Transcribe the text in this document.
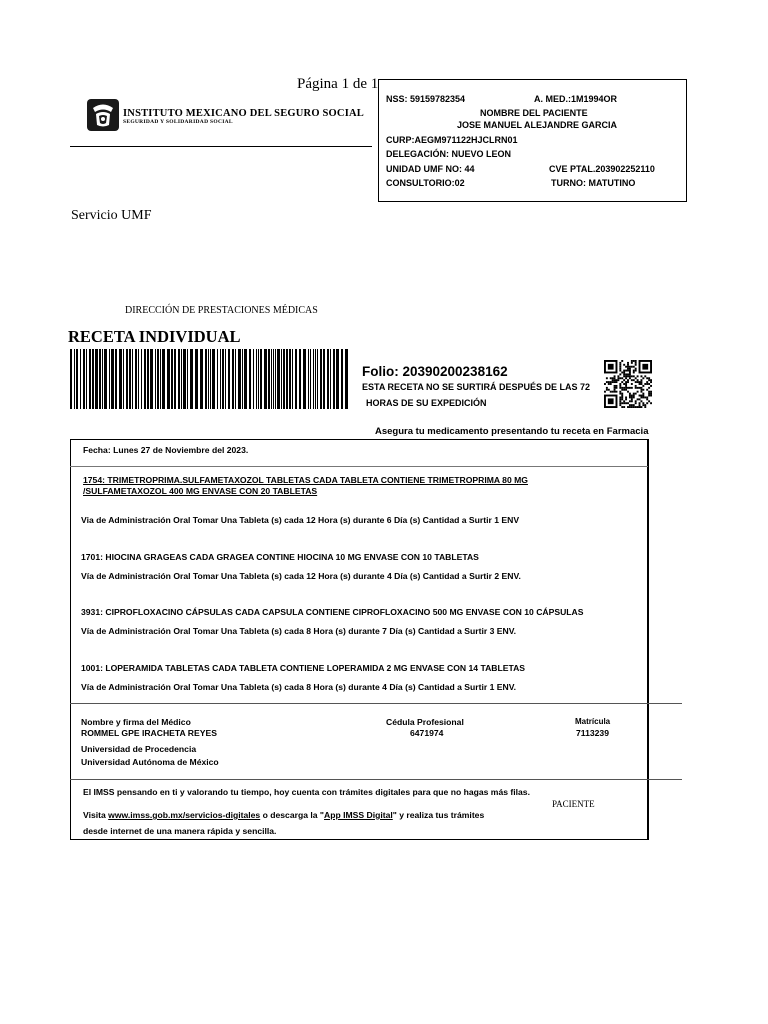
Página 1 de 1
INSTITUTO MEXICANO DEL SEGURO SOCIAL
SEGURIDAD Y SOLIDARIDAD SOCIAL
NSS: 59159782354	A. MED.:1M1994OR
NOMBRE DEL PACIENTE
JOSE MANUEL ALEJANDRE GARCIA
CURP:AEGM971122HJCLRN01
DELEGACIÓN: NUEVO LEON
UNIDAD UMF NO: 44	CVE PTAL.203902252110
CONSULTORIO:02	TURNO: MATUTINO
Servicio UMF
DIRECCIÓN DE PRESTACIONES MÉDICAS
RECETA INDIVIDUAL
Folio: 20390200238162
ESTA RECETA NO SE SURTIRÁ DESPUÉS DE LAS 72
HORAS DE SU EXPEDICIÓN
Asegura tu medicamento presentando tu receta en Farmacia
Fecha: Lunes 27 de Noviembre del 2023.
1754: TRIMETROPRIMA.SULFAMETAXOZOL TABLETAS CADA TABLETA CONTIENE TRIMETROPRIMA 80 MG
/SULFAMETAXOZOL 400 MG ENVASE CON 20 TABLETAS
Via de Administración Oral Tomar Una Tableta (s) cada 12 Hora (s) durante 6 Día (s) Cantidad a Surtir 1 ENV
1701: HIOCINA GRAGEAS CADA GRAGEA CONTINE HIOCINA 10 MG ENVASE CON 10 TABLETAS
Vía de Administración Oral Tomar Una Tableta (s) cada 12 Hora (s) durante 4 Día (s) Cantidad a Surtir 2 ENV.
3931: CIPROFLOXACINO CÁPSULAS CADA CAPSULA CONTIENE CIPROFLOXACINO 500 MG ENVASE CON 10 CÁPSULAS
Vía de Administración Oral Tomar Una Tableta (s) cada 8 Hora (s) durante 7 Día (s) Cantidad a Surtir 3 ENV.
1001: LOPERAMIDA TABLETAS CADA TABLETA CONTIENE LOPERAMIDA 2 MG ENVASE CON 14 TABLETAS
Vía de Administración Oral Tomar Una Tableta (s) cada 8 Hora (s) durante 4 Día (s) Cantidad a Surtir 1 ENV.
Nombre y firma del Médico
ROMMEL GPE IRACHETA REYES
Universidad de Procedencia
Universidad Autónoma de México
Cédula Profesional
6471974
Matrícula
7113239
El IMSS pensando en ti y valorando tu tiempo, hoy cuenta con trámites digitales para que no hagas más filas.
PACIENTE
Visita www.imss.gob.mx/servicios-digitales o descarga la "App IMSS Digital" y realiza tus trámites
desde internet de una manera rápida y sencilla.
